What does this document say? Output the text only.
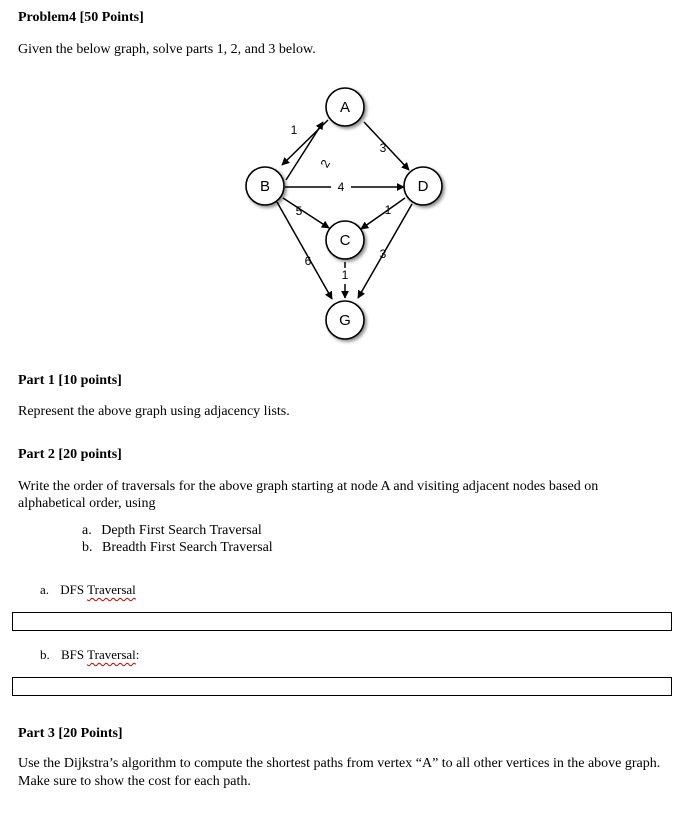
Problem4 [50 Points]
Given the below graph, solve parts 1, 2, and 3 below.
1
2
3
4
5	1
6
1
3
A
B
C
D
G
Part 1 [10 points]
Represent the above graph using adjacency lists.
Part 2 [20 points]
Write the order of traversals for the above graph starting at node A and visiting adjacent nodes based on
alphabetical order, using
a. Depth First Search Traversal
b. Breadth First Search Traversal
a. DFS Traversal
b. BFS Traversal:
Part 3 [20 Points]
Use the Dijkstra’s algorithm to compute the shortest paths from vertex “A” to all other vertices in the above graph.
Make sure to show the cost for each path.
